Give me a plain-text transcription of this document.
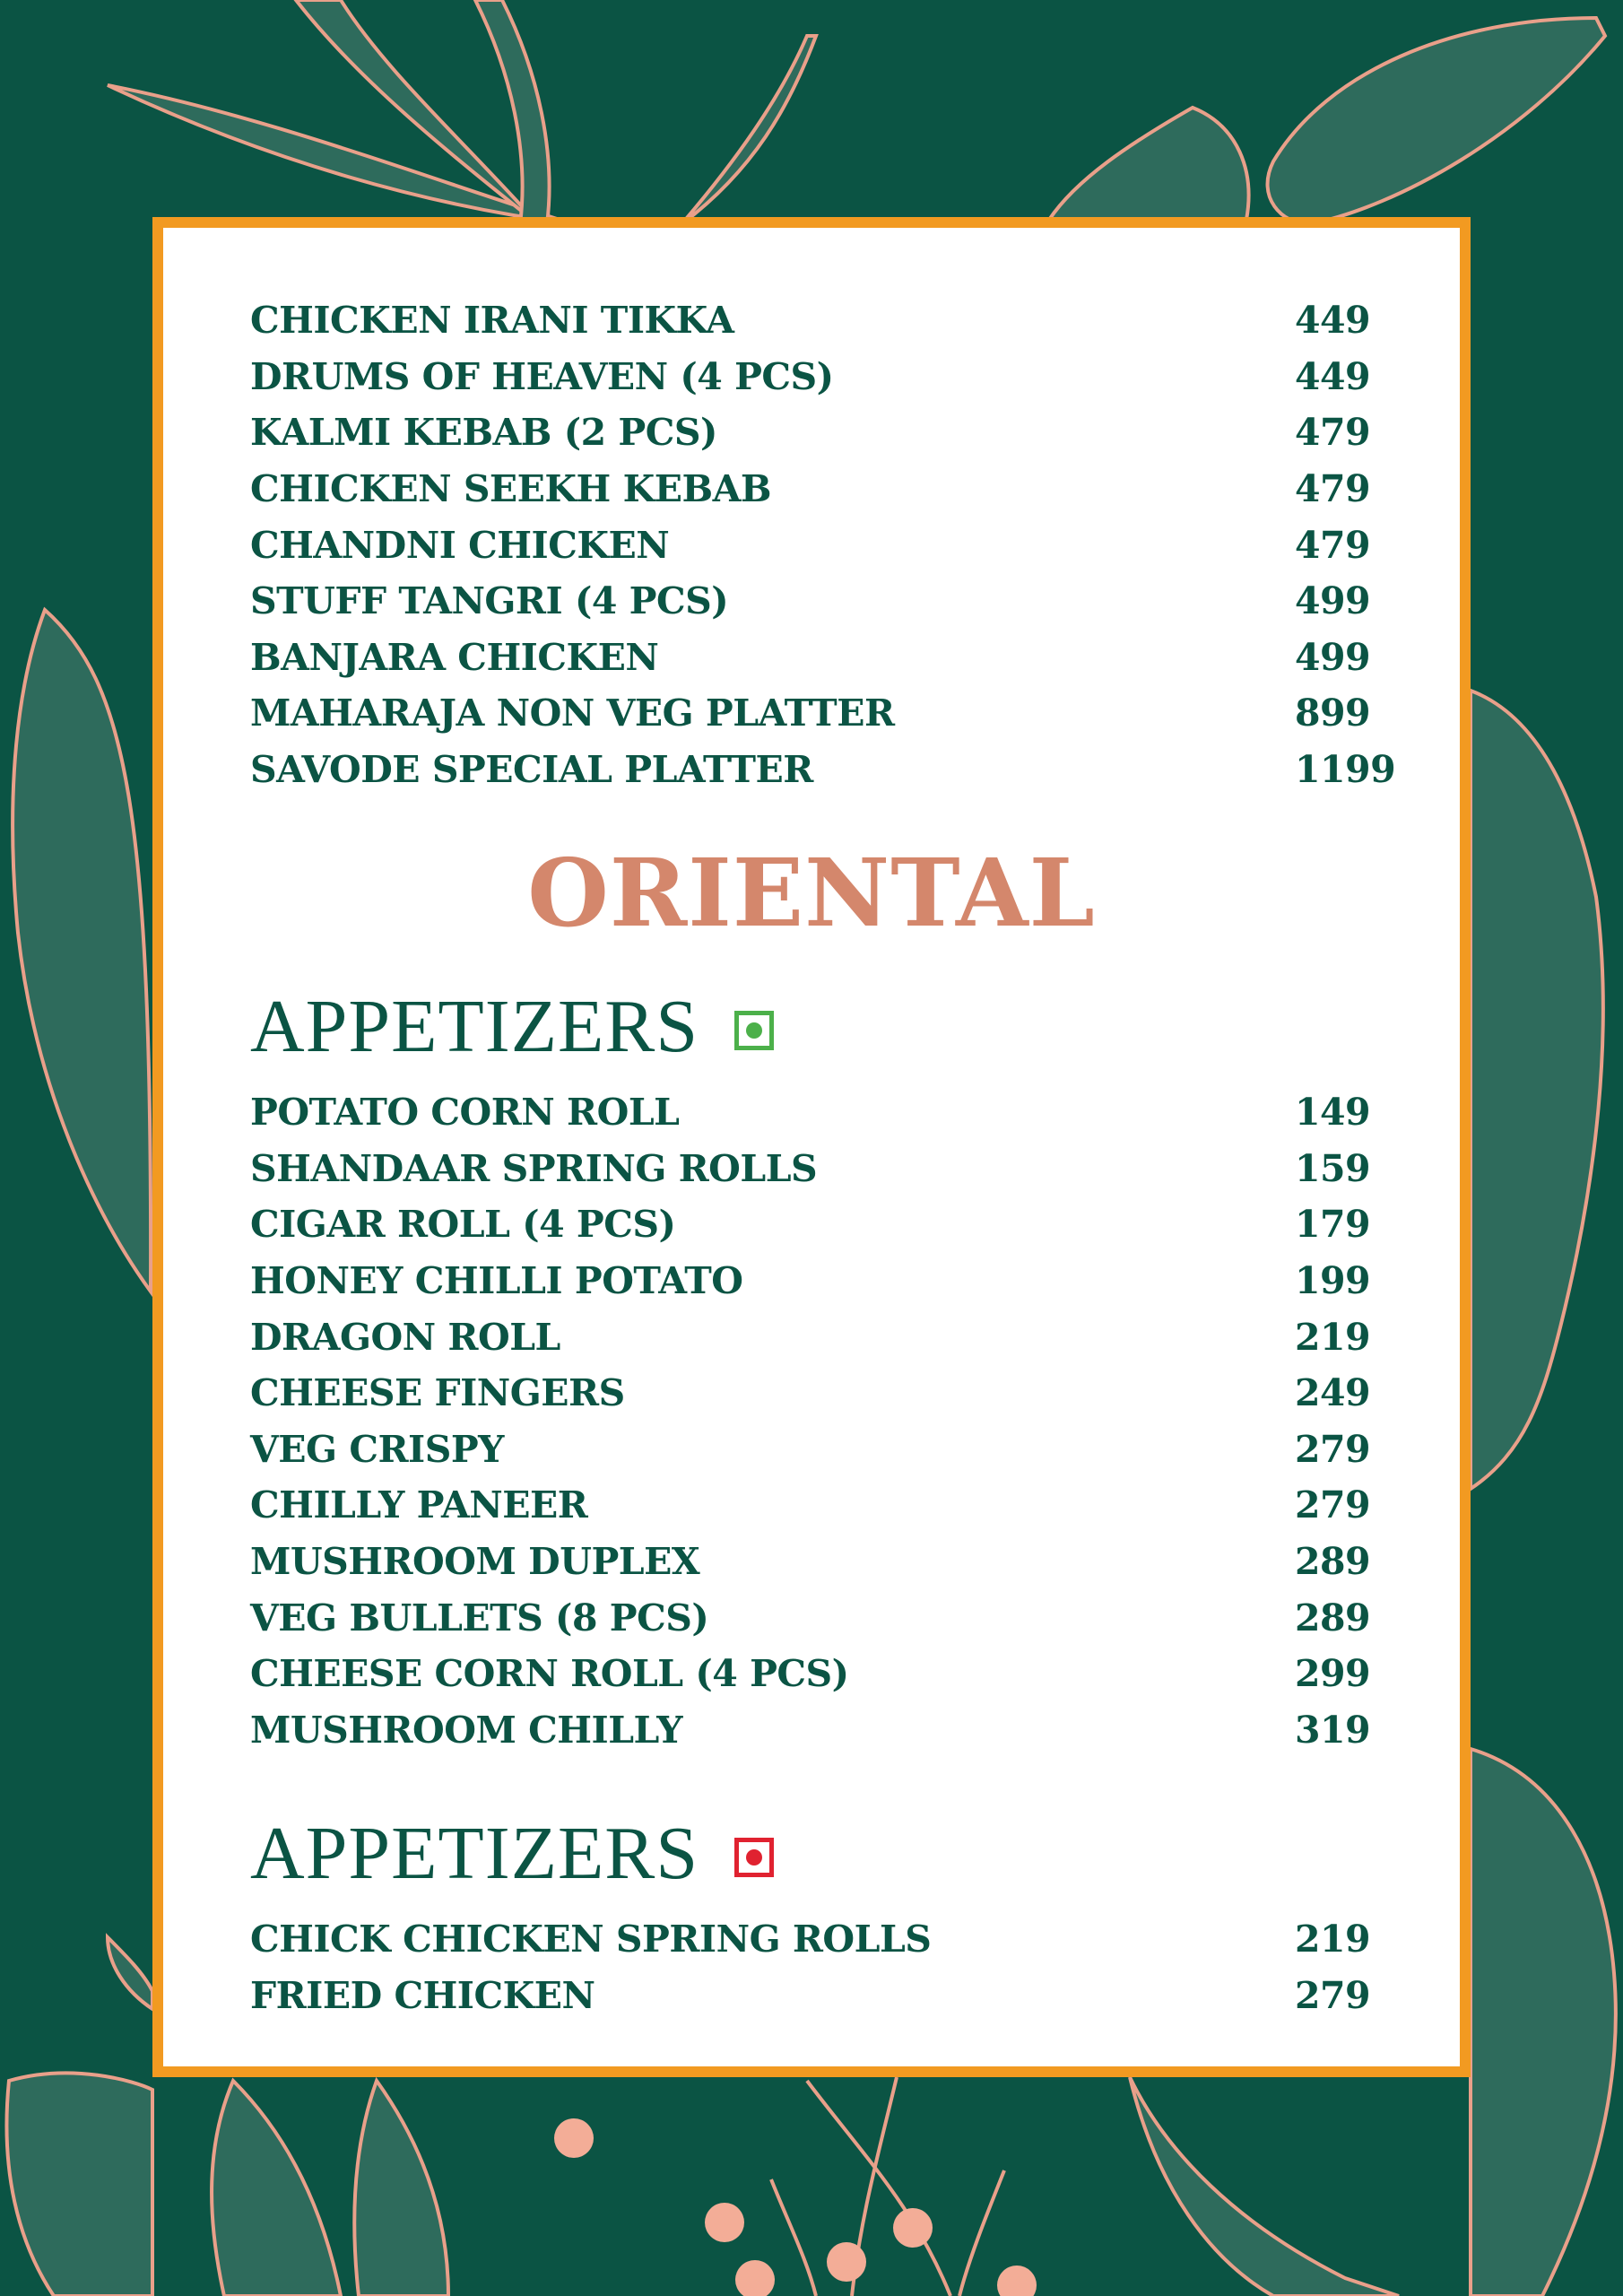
CHICKEN IRANI TIKKA	449
DRUMS OF HEAVEN (4 PCS)	449
KALMI KEBAB (2 PCS)	479
CHICKEN SEEKH KEBAB	479
CHANDNI CHICKEN	479
STUFF TANGRI (4 PCS)	499
BANJARA CHICKEN	499
MAHARAJA NON VEG PLATTER	899
SAVODE SPECIAL PLATTER	1199
ORIENTAL
APPETIZERS
POTATO CORN ROLL	149
SHANDAAR SPRING ROLLS	159
CIGAR ROLL (4 PCS)	179
HONEY CHILLI POTATO	199
DRAGON ROLL	219
CHEESE FINGERS	249
VEG CRISPY	279
CHILLY PANEER	279
MUSHROOM DUPLEX	289
VEG BULLETS (8 PCS)	289
CHEESE CORN ROLL (4 PCS)	299
MUSHROOM CHILLY	319
APPETIZERS
CHICK CHICKEN SPRING ROLLS	219
FRIED CHICKEN	279
